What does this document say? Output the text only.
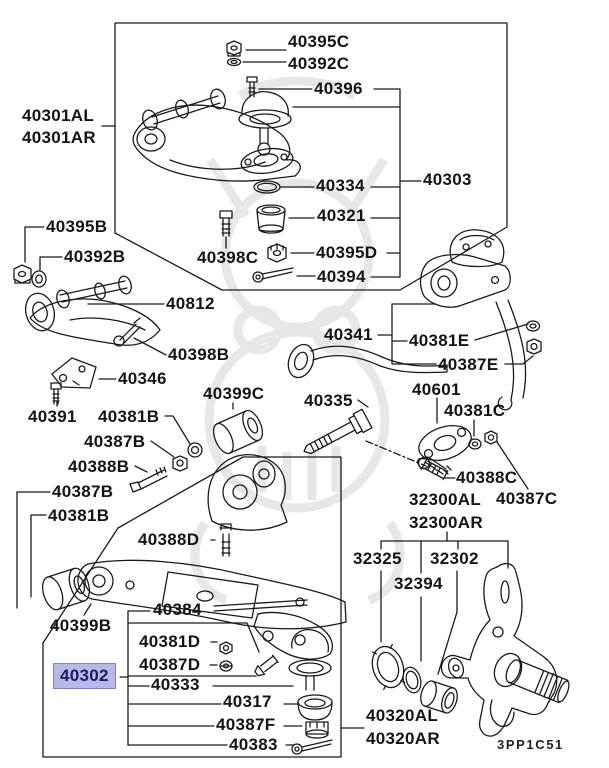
40395C
40392C
40396
40301AL
40301AR
40334	40303
40321
40395B
40392B	40398C	40395D
40394
40812
40341 40381E
40387E
40398B
40346
40391 40381B
40399C 40335
40601
40381C
40387B
40388B
40388C
40387B	32300AL 40387C
40381B	32300AR
40388D
32325 32302
32394
40384
40399B
40381D
40387D
40302	40333
40317
40387F	40320AL
40320AR
40383	3PP1C51
